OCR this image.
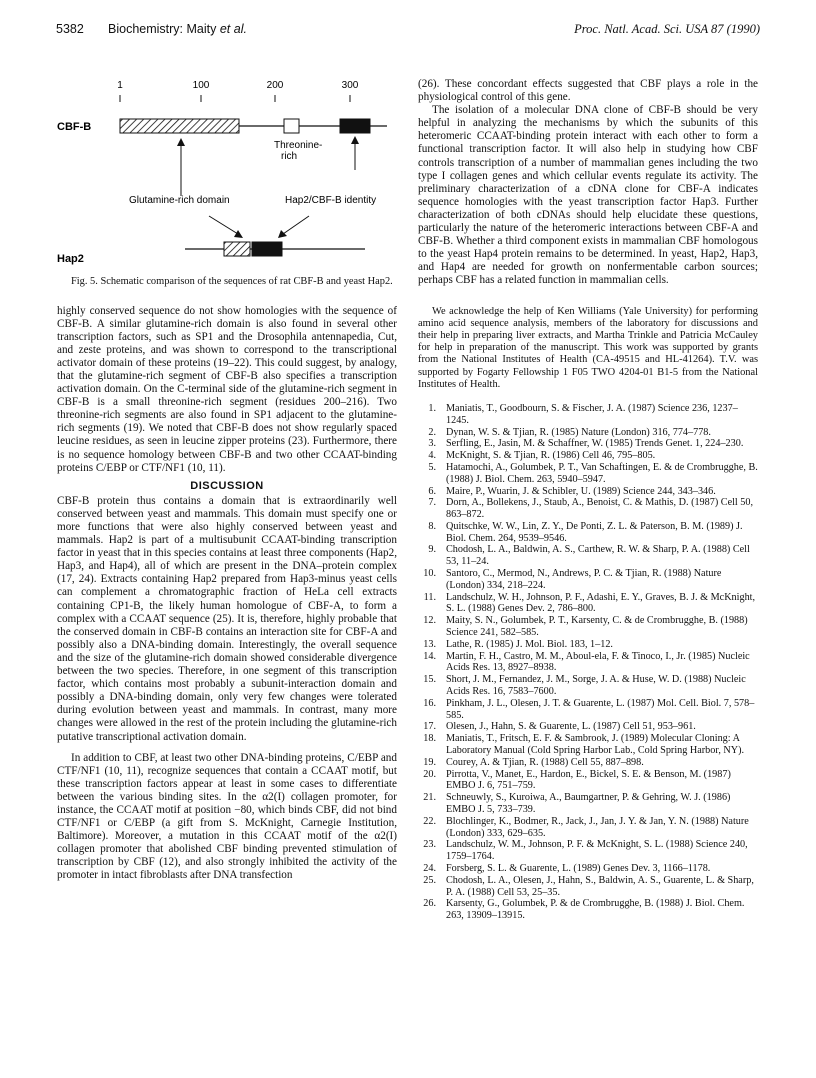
5382 Biochemistry: Maity et al.	Proc. Natl. Acad. Sci. USA 87 (1990)
1	100	200	300
CBF-B
Threonine-
rich
Glutamine-rich domain	Hap2/CBF-B identity
Hap2

Fig. 5. Schematic comparison of the sequences of rat CBF-B and yeast Hap2.

highly conserved sequence do not show homologies with the sequence of CBF-B. A similar glutamine-rich domain is also found in several other transcription factors, such as SP1 and the Drosophila antennapedia, Cut, and zeste proteins, and was shown to correspond to the transcriptional activator domain of these proteins (19–22). This could suggest, by analogy, that the glutamine-rich segment of CBF-B also specifies a transcription activation domain. On the C-terminal side of the glutamine-rich segment in CBF-B is a small threonine-rich segment (residues 200–216). Two threonine-rich segments are also found in SP1 adjacent to the glutamine-rich segments (19). We noted that CBF-B does not show regularly spaced leucine residues, as seen in leucine zipper proteins (23). Furthermore, there is no sequence homology between CBF-B and two other CCAAT-binding proteins C/EBP or CTF/NF1 (10, 11).

DISCUSSION

CBF-B protein thus contains a domain that is extraordinarily well conserved between yeast and mammals. This domain must specify one or more functions that were also highly conserved between yeast and mammals. Hap2 is part of a multisubunit CCAAT-binding transcription factor in yeast that in this species contains at least three components (Hap2, Hap3, and Hap4), all of which are present in the DNA–protein complex (17, 24). Extracts containing Hap2 prepared from Hap3-minus yeast cells can complement a chromatographic fraction of HeLa cell extracts containing CP1-B, the likely human homologue of CBF-A, to form a complex with a CCAAT sequence (25). It is, therefore, highly probable that the conserved domain in CBF-B contains an interaction site for CBF-A and possibly also a DNA-binding domain. Interestingly, the overall sequence and the size of the glutamine-rich domain showed considerable divergence between the two species. Therefore, in one segment of this transcription factor, which contains most probably a subunit-interaction domain and possibly a DNA-binding domain, only very few changes were tolerated during evolution between yeast and mammals. In contrast, many more changes were allowed in the rest of the protein including the glutamine-rich putative transcriptional activation domain.

In addition to CBF, at least two other DNA-binding proteins, C/EBP and CTF/NF1 (10, 11), recognize sequences that contain a CCAAT motif, but these transcription factors appear at least in some cases to differentiate between the various binding sites. In the α2(I) collagen promoter, for instance, the CCAAT motif at position −80, which binds CBF, did not bind CTF/NF1 or C/EBP (a gift from S. McKnight, Carnegie Institution, Baltimore). Moreover, a mutation in this CCAAT motif of the α2(I) collagen promoter that abolished CBF binding prevented stimulation of transcription by CBF (12), and also strongly inhibited the activity of the promoter in intact fibroblasts after DNA transfection

(26). These concordant effects suggested that CBF plays a role in the physiological control of this gene.

The isolation of a molecular DNA clone of CBF-B should be very helpful in analyzing the mechanisms by which the subunits of this heteromeric CCAAT-binding protein interact with each other to form a functional transcription factor. It will also help in studying how CBF controls transcription of a number of mammalian genes including the two type I collagen genes and which cellular events regulate its activity. The preliminary characterization of a cDNA clone for CBF-A indicates sequence homologies with the yeast transcription factor Hap3. Further characterization of both cDNAs should help elucidate these questions, particularly the nature of the heteromeric interactions between CBF-A and CBF-B. Whether a third component exists in mammalian CBF homologous to the yeast Hap4 protein remains to be determined. In yeast, Hap2, Hap3, and Hap4 are needed for growth on nonfermentable carbon sources; perhaps CBF has a related function in mammalian cells.

We acknowledge the help of Ken Williams (Yale University) for performing amino acid sequence analysis, members of the laboratory for discussions and their help in preparing liver extracts, and Martha Trinkle and Patricia McCauley for help in preparation of the manuscript. This work was supported by grants from the National Institutes of Health (CA-49515 and HL-41264). T.V. was supported by Fogarty Fellowship 1 F05 TWO 4204-01 B1-5 from the National Institutes of Health.

1. Maniatis, T., Goodbourn, S. & Fischer, J. A. (1987) Science 236, 1237–1245.
2. Dynan, W. S. & Tjian, R. (1985) Nature (London) 316, 774–778.
3. Serfling, E., Jasin, M. & Schaffner, W. (1985) Trends Genet. 1, 224–230.
4. McKnight, S. & Tjian, R. (1986) Cell 46, 795–805.
5. Hatamochi, A., Golumbek, P. T., Van Schaftingen, E. & de Crombrugghe, B. (1988) J. Biol. Chem. 263, 5940–5947.
6. Maire, P., Wuarin, J. & Schibler, U. (1989) Science 244, 343–346.
7. Dorn, A., Bollekens, J., Staub, A., Benoist, C. & Mathis, D. (1987) Cell 50, 863–872.
8. Quitschke, W. W., Lin, Z. Y., De Ponti, Z. L. & Paterson, B. M. (1989) J. Biol. Chem. 264, 9539–9546.
9. Chodosh, L. A., Baldwin, A. S., Carthew, R. W. & Sharp, P. A. (1988) Cell 53, 11–24.
10. Santoro, C., Mermod, N., Andrews, P. C. & Tjian, R. (1988) Nature (London) 334, 218–224.
11. Landschulz, W. H., Johnson, P. F., Adashi, E. Y., Graves, B. J. & McKnight, S. L. (1988) Genes Dev. 2, 786–800.
12. Maity, S. N., Golumbek, P. T., Karsenty, C. & de Crombrugghe, B. (1988) Science 241, 582–585.
13. Lathe, R. (1985) J. Mol. Biol. 183, 1–12.
14. Martin, F. H., Castro, M. M., Aboul-ela, F. & Tinoco, I., Jr. (1985) Nucleic Acids Res. 13, 8927–8938.
15. Short, J. M., Fernandez, J. M., Sorge, J. A. & Huse, W. D. (1988) Nucleic Acids Res. 16, 7583–7600.
16. Pinkham, J. L., Olesen, J. T. & Guarente, L. (1987) Mol. Cell. Biol. 7, 578–585.
17. Olesen, J., Hahn, S. & Guarente, L. (1987) Cell 51, 953–961.
18. Maniatis, T., Fritsch, E. F. & Sambrook, J. (1989) Molecular Cloning: A Laboratory Manual (Cold Spring Harbor Lab., Cold Spring Harbor, NY).
19. Courey, A. & Tjian, R. (1988) Cell 55, 887–898.
20. Pirrotta, V., Manet, E., Hardon, E., Bickel, S. E. & Benson, M. (1987) EMBO J. 6, 751–759.
21. Schneuwly, S., Kuroiwa, A., Baumgartner, P. & Gehring, W. J. (1986) EMBO J. 5, 733–739.
22. Blochlinger, K., Bodmer, R., Jack, J., Jan, J. Y. & Jan, Y. N. (1988) Nature (London) 333, 629–635.
23. Landschulz, W. M., Johnson, P. F. & McKnight, S. L. (1988) Science 240, 1759–1764.
24. Forsberg, S. L. & Guarente, L. (1989) Genes Dev. 3, 1166–1178.
25. Chodosh, L. A., Olesen, J., Hahn, S., Baldwin, A. S., Guarente, L. & Sharp, P. A. (1988) Cell 53, 25–35.
26. Karsenty, G., Golumbek, P. & de Crombrugghe, B. (1988) J. Biol. Chem. 263, 13909–13915.
